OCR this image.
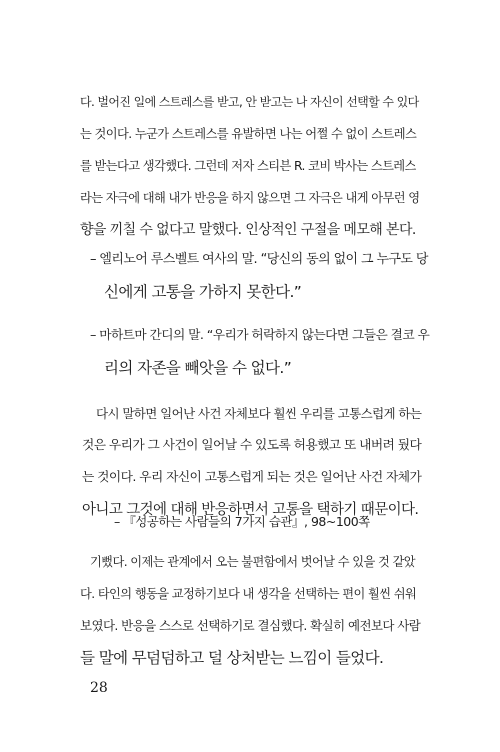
다. 벌어진 일에 스트레스를 받고, 안 받고는 나 자신이 선택할 수 있다
는 것이다. 누군가 스트레스를 유발하면 나는 어쩔 수 없이 스트레스
를 받는다고 생각했다. 그런데 저자 스티븐 R. 코비 박사는 스트레스
라는 자극에 대해 내가 반응을 하지 않으면 그 자극은 내게 아무런 영
향을 끼칠 수 없다고 말했다. 인상적인 구절을 메모해 본다.
– 엘리노어 루스벨트 여사의 말. “당신의 동의 없이 그 누구도 당
신에게 고통을 가하지 못한다.”
– 마하트마 간디의 말. “우리가 허락하지 않는다면 그들은 결코 우
리의 자존을 빼앗을 수 없다.”
다시 말하면 일어난 사건 자체보다 훨씬 우리를 고통스럽게 하는
것은 우리가 그 사건이 일어날 수 있도록 허용했고 또 내버려 뒀다
는 것이다. 우리 자신이 고통스럽게 되는 것은 일어난 사건 자체가
아니고 그것에 대해 반응하면서 고통을 택하기 때문이다.
– 『성공하는 사람들의 7가지 습관』, 98~100쪽
기뻤다. 이제는 관계에서 오는 불편함에서 벗어날 수 있을 것 같았
다. 타인의 행동을 교정하기보다 내 생각을 선택하는 편이 훨씬 쉬워
보였다. 반응을 스스로 선택하기로 결심했다. 확실히 예전보다 사람
들 말에 무덤덤하고 덜 상처받는 느낌이 들었다.
28
